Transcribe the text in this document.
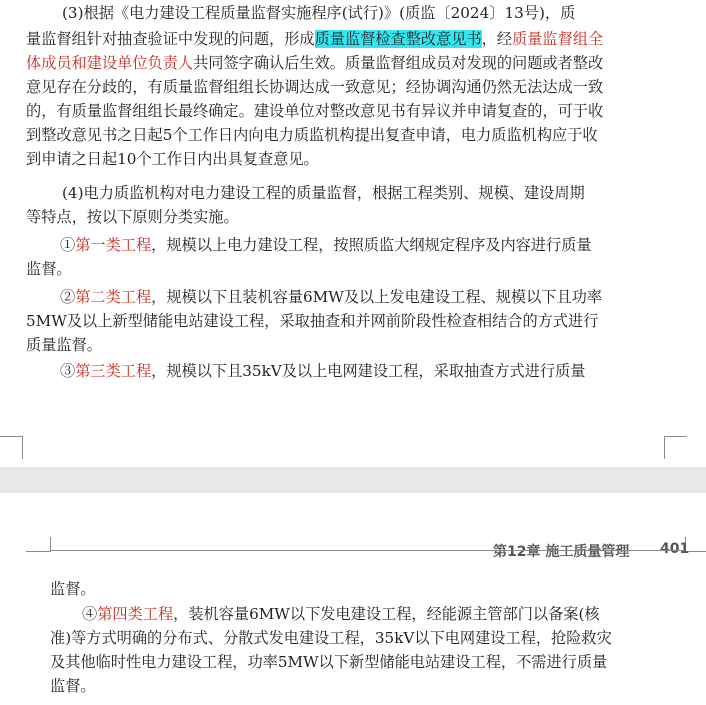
(3)根据《电力建设工程质量监督实施程序(试行)》(质监〔2024〕13号)，质
量监督组针对抽查验证中发现的问题，形成质量监督检查整改意见书，经质量监督组全
体成员和建设单位负责人共同签字确认后生效。质量监督组成员对发现的问题或者整改
意见存在分歧的，有质量监督组组长协调达成一致意见；经协调沟通仍然无法达成一致
的，有质量监督组组长最终确定。建设单位对整改意见书有异议并申请复查的，可于收
到整改意见书之日起5个工作日内向电力质监机构提出复查申请，电力质监机构应于收
到申请之日起10个工作日内出具复查意见。
(4)电力质监机构对电力建设工程的质量监督，根据工程类别、规模、建设周期
等特点，按以下原则分类实施。
①第一类工程，规模以上电力建设工程，按照质监大纲规定程序及内容进行质量
监督。
②第二类工程，规模以下且装机容量6MW及以上发电建设工程、规模以下且功率
5MW及以上新型储能电站建设工程，采取抽查和并网前阶段性检查相结合的方式进行
质量监督。
③第三类工程，规模以下且35kV及以上电网建设工程，采取抽查方式进行质量
第12章 施工质量管理 401
监督。
④第四类工程，装机容量6MW以下发电建设工程，经能源主管部门以备案(核
准)等方式明确的分布式、分散式发电建设工程，35kV以下电网建设工程，抢险救灾
及其他临时性电力建设工程，功率5MW以下新型储能电站建设工程，不需进行质量
监督。
